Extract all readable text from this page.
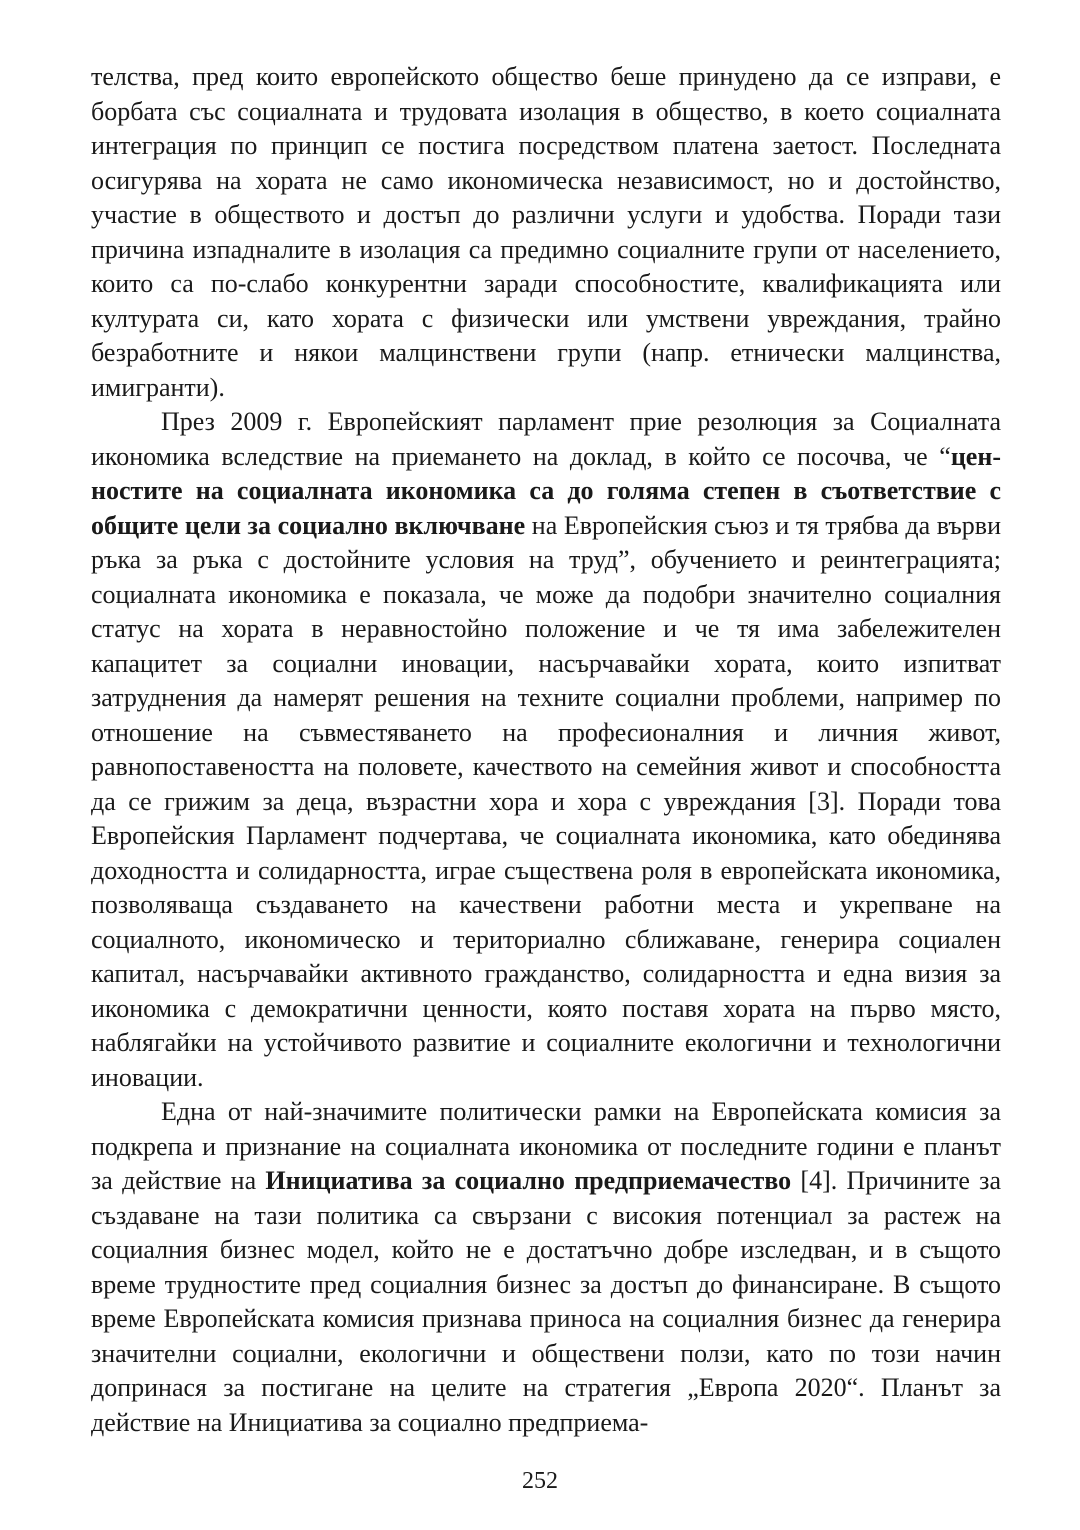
телства, пред които европейското общество беше принудено да се изправи, е борбата със социалната и трудовата изолация в общество, в което социалната интеграция по принцип се постига посредством платена заетост. Последната осигурява на хората не само икономическа независимост, но и достойнство, участие в обществото и достъп до различни услуги и удобства. Поради тази причина изпадналите в изолация са предимно социалните групи от населението, които са по-слабо конкурентни заради способностите, квалификацията или културата си, като хората с физически или умствени увреждания, трайно безработните и някои малцинствени групи (напр. етнически малцинства, имигранти).

През 2009 г. Европейският парламент прие резолюция за Социалната икономика вследствие на приемането на доклад, в който се посочва, че “ценностите на социалната икономика са до голяма степен в съответствие с общите цели за социално включване на Европейския съюз и тя трябва да върви ръка за ръка с достойните условия на труд”, обучението и реинтеграцията; социалната икономика е показала, че може да подобри значително социалния статус на хората в неравностойно положение и че тя има забележителен капацитет за социални иновации, насърчавайки хората, които изпитват затруднения да намерят решения на техните социални проблеми, например по отношение на съвместяването на професионалния и личния живот, равнопоставеността на половете, качеството на семейния живот и способността да се грижим за деца, възрастни хора и хора с увреждания [3]. Поради това Европейския Парламент подчертава, че социалната икономика, като обединява доходността и солидарността, играе съществена роля в европейската икономика, позволяваща създаването на качествени работни места и укрепване на социалното, икономическо и териториално сближаване, генерира социален капитал, насърчавайки активното гражданство, солидарността и една визия за икономика с демократични ценности, която поставя хората на първо място, наблягайки на устойчивото развитие и социалните екологични и технологични иновации.

Една от най-значимите политически рамки на Европейската комисия за подкрепа и признание на социалната икономика от последните години е планът за действие на Инициатива за социално предприемачество [4]. Причините за създаване на тази политика са свързани с високия потенциал за растеж на социалния бизнес модел, който не е достатъчно добре изследван, и в същото време трудностите пред социалния бизнес за достъп до финансиране. В същото време Европейската комисия признава приноса на социалния бизнес да генерира значителни социални, екологични и обществени ползи, като по този начин допринася за постигане на целите на стратегия „Европа 2020“. Планът за действие на Инициатива за социално предприема-

252
